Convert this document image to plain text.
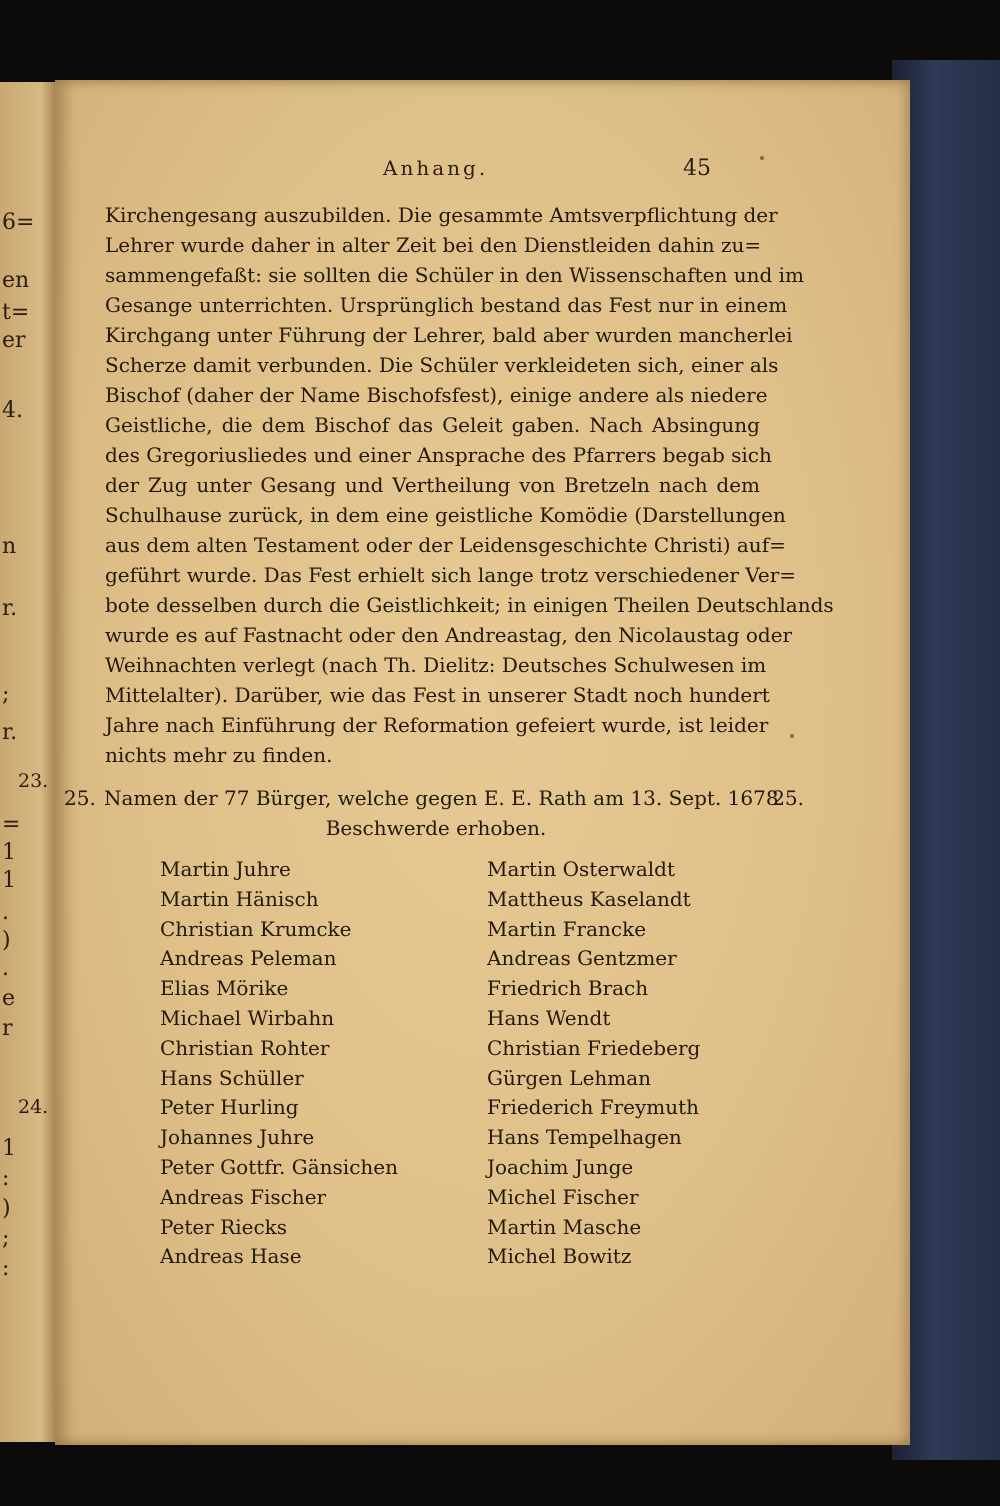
6=
en
t=
er
4.
n
r.
;
r.
23.
=
1
1
.
)
.
e
r
24.
1
:
)
;
:
Anhang.	45
Kirchengesang auszubilden. Die gesammte Amtsverpflichtung der
Lehrer wurde daher in alter Zeit bei den Dienstleiden dahin zu=
sammengefaßt: sie sollten die Schüler in den Wissenschaften und im
Gesange unterrichten. Ursprünglich bestand das Fest nur in einem
Kirchgang unter Führung der Lehrer, bald aber wurden mancherlei
Scherze damit verbunden. Die Schüler verkleideten sich, einer als
Bischof (daher der Name Bischofsfest), einige andere als niedere
Geistliche, die dem Bischof das Geleit gaben. Nach Absingung
des Gregoriusliedes und einer Ansprache des Pfarrers begab sich
der Zug unter Gesang und Vertheilung von Bretzeln nach dem
Schulhause zurück, in dem eine geistliche Komödie (Darstellungen
aus dem alten Testament oder der Leidensgeschichte Christi) auf=
geführt wurde. Das Fest erhielt sich lange trotz verschiedener Ver=
bote desselben durch die Geistlichkeit; in einigen Theilen Deutschlands
wurde es auf Fastnacht oder den Andreastag, den Nicolaustag oder
Weihnachten verlegt (nach Th. Dielitz: Deutsches Schulwesen im
Mittelalter). Darüber, wie das Fest in unserer Stadt noch hundert
Jahre nach Einführung der Reformation gefeiert wurde, ist leider
nichts mehr zu finden.
25. Namen der 77 Bürger, welche gegen E. E. Rath am 13. Sept. 1678
25.
Beschwerde erhoben.
Martin Juhre
Martin Hänisch
Christian Krumcke
Andreas Peleman
Elias Mörike
Michael Wirbahn
Christian Rohter
Hans Schüller
Peter Hurling
Johannes Juhre
Peter Gottfr. Gänsichen
Andreas Fischer
Peter Riecks
Andreas Hase
Martin Osterwaldt
Mattheus Kaselandt
Martin Francke
Andreas Gentzmer
Friedrich Brach
Hans Wendt
Christian Friedeberg
Gürgen Lehman
Friederich Freymuth
Hans Tempelhagen
Joachim Junge
Michel Fischer
Martin Masche
Michel Bowitz
